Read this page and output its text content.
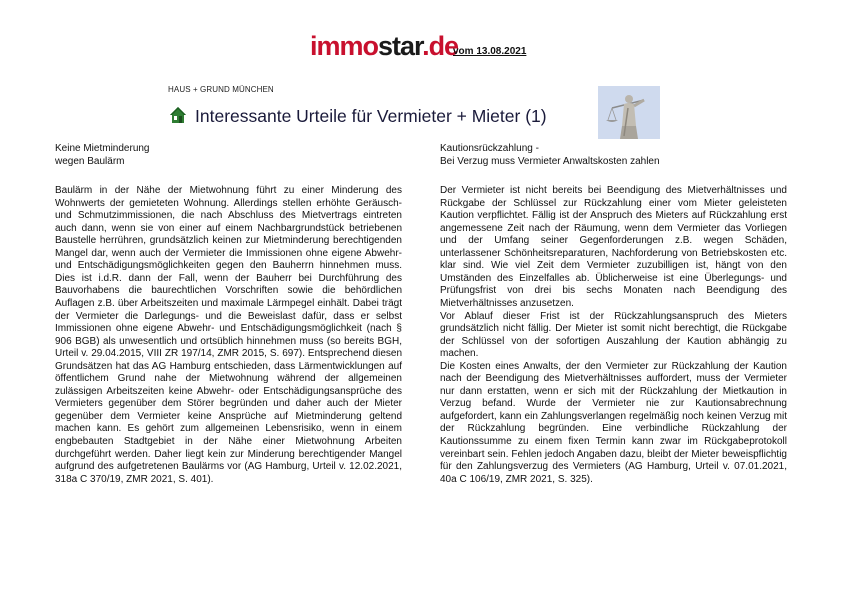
immostar.de
vom 13.08.2021
HAUS + GRUND MÜNCHEN
Interessante Urteile für Vermieter + Mieter (1)
Keine Mietminderung
wegen Baulärm

Baulärm in der Nähe der Mietwohnung führt zu einer Minderung des Wohnwerts der gemieteten Wohnung. Allerdings stellen erhöhte Geräusch- und Schmutzimmissionen, die nach Abschluss des Mietvertrags eintreten auch dann, wenn sie von einer auf einem Nachbargrundstück betriebenen Baustelle herrühren, grundsätzlich keinen zur Mietminderung berechtigenden Mangel dar, wenn auch der Vermieter die Immissionen ohne eigene Abwehr- und Entschädigungsmöglichkeiten gegen den Bauherrn hinnehmen muss. Dies ist i.d.R. dann der Fall, wenn der Bauherr bei Durchführung des Bauvorhabens die baurechtlichen Vorschriften sowie die behördlichen Auflagen z.B. über Arbeitszeiten und maximale Lärmpegel einhält. Dabei trägt der Vermieter die Darlegungs- und die Beweislast dafür, dass er selbst Immissionen ohne eigene Abwehr- und Entschädigungsmöglichkeit (nach § 906 BGB) als unwesentlich und ortsüblich hinnehmen muss (so bereits BGH, Urteil v. 29.04.2015, VIII ZR 197/14, ZMR 2015, S. 697). Entsprechend diesen Grundsätzen hat das AG Hamburg entschieden, dass Lärmentwicklungen auf öffentlichem Grund nahe der Mietwohnung während der allgemeinen zulässigen Arbeitszeiten keine Abwehr- oder Entschädigungsansprüche des Vermieters gegenüber dem Störer begründen und daher auch der Mieter gegenüber dem Vermieter keine Ansprüche auf Mietminderung geltend machen kann. Es gehört zum allgemeinen Lebensrisiko, wenn in einem engbebauten Stadtgebiet in der Nähe einer Mietwohnung Arbeiten durchgeführt werden. Daher liegt kein zur Minderung berechtigender Mangel aufgrund des aufgetretenen Baulärms vor (AG Hamburg, Urteil v. 12.02.2021, 318a C 370/19, ZMR 2021, S. 401).

Kautionsrückzahlung -
Bei Verzug muss Vermieter Anwaltskosten zahlen

Der Vermieter ist nicht bereits bei Beendigung des Mietverhältnisses und Rückgabe der Schlüssel zur Rückzahlung einer vom Mieter geleisteten Kaution verpflichtet. Fällig ist der Anspruch des Mieters auf Rückzahlung erst angemessene Zeit nach der Räumung, wenn dem Vermieter das Vorliegen und der Umfang seiner Gegenforderungen z.B. wegen Schäden, unterlassener Schönheitsreparaturen, Nachforderung von Betriebskosten etc. klar sind. Wie viel Zeit dem Vermieter zuzubilligen ist, hängt von den Umständen des Einzelfalles ab. Üblicherweise ist eine Überlegungs- und Prüfungsfrist von drei bis sechs Monaten nach Beendigung des Mietverhältnisses anzusetzen.

Vor Ablauf dieser Frist ist der Rückzahlungsanspruch des Mieters grundsätzlich nicht fällig. Der Mieter ist somit nicht berechtigt, die Rückgabe der Schlüssel von der sofortigen Auszahlung der Kaution abhängig zu machen.

Die Kosten eines Anwalts, der den Vermieter zur Rückzahlung der Kaution nach der Beendigung des Mietverhältnisses auffordert, muss der Vermieter nur dann erstatten, wenn er sich mit der Rückzahlung der Mietkaution in Verzug befand. Wurde der Vermieter nie zur Kautionsabrechnung aufgefordert, kann ein Zahlungsverlangen regelmäßig noch keinen Verzug mit der Rückzahlung begründen. Eine verbindliche Rückzahlung der Kautionssumme zu einem fixen Termin kann zwar im Rückgabeprotokoll vereinbart sein. Fehlen jedoch Angaben dazu, bleibt der Mieter beweispflichtig für den Zahlungsverzug des Vermieters (AG Hamburg, Urteil v. 07.01.2021, 40a C 106/19, ZMR 2021, S. 325).
